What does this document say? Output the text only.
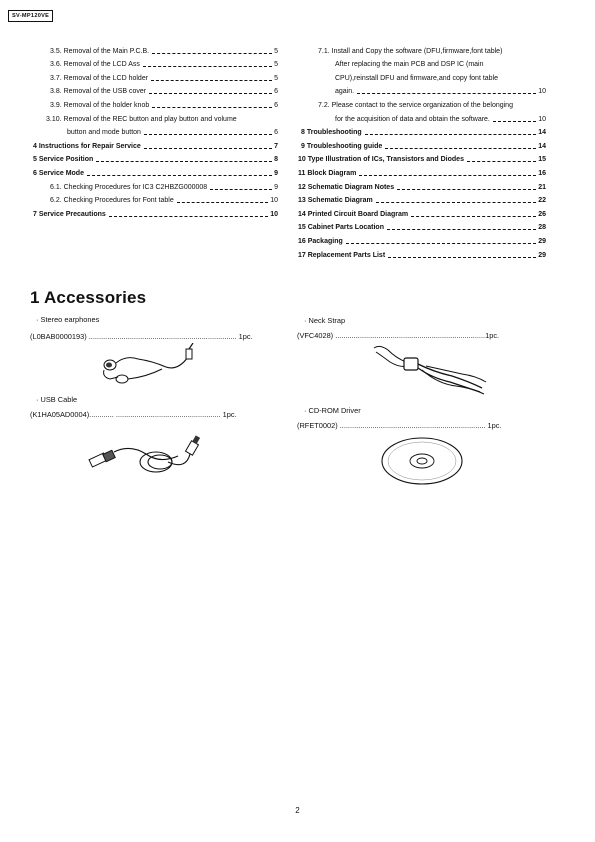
SV-MP120VE
3.5. Removal of the Main P.C.B.	5
3.6. Removal of the LCD Ass	5
3.7. Removal of the LCD holder	5
3.8. Removal of the USB cover	6
3.9. Removal of the holder knob	6
3.10. Removal of the REC button and play button and volume
button and mode button	6
4 Instructions for Repair Service	7
5 Service Position	8
6 Service Mode	9
6.1. Checking Procedures for IC3 C2HBZG000008	9
6.2. Checking Procedures for Font table	10
7 Service Precautions	10
7.1. Install and Copy the software (DFU,firmware,font table)
After replacing the main PCB and DSP IC (main
CPU),reinstall DFU and firmware,and copy font table
again.	10
7.2. Please contact to the service organization of the belonging
for the acquisition of data and obtain the software.	10
8 Troubleshooting	14
9 Troubleshooting guide	14
10 Type Illustration of ICs, Transistors and Diodes	15
11 Block Diagram	16
12 Schematic Diagram Notes	21
13 Schematic Diagram	22
14 Printed Circuit Board Diagram	26
15 Cabinet Parts Location	28
16 Packaging	29
17 Replacement Parts List	29
1 Accessories
· Stereo earphones
(L0BAB0000193) ........................................................................ 1pc.
· USB Cable
(K1HA05AD0004)............ ................................................... 1pc.
· Neck Strap
(VFC4028) .........................................................................1pc.
· CD-ROM Driver
(RFET0002) ....................................................................... 1pc.
2
